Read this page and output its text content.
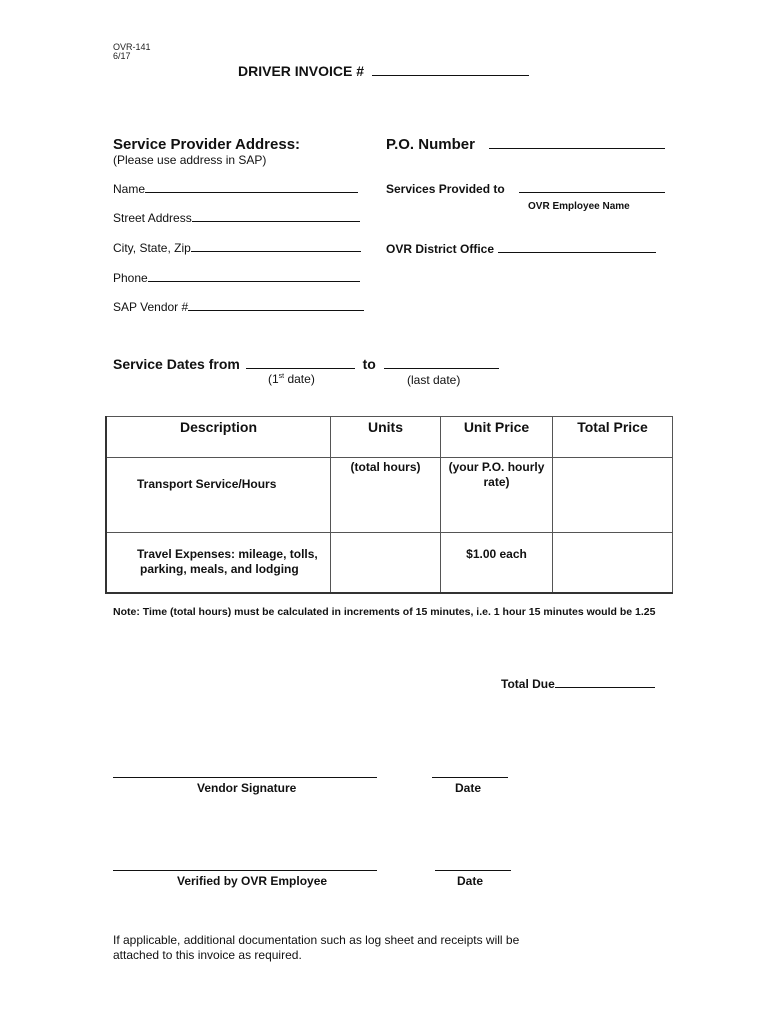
OVR-141
6/17
DRIVER INVOICE #
Service Provider Address:
(Please use address in SAP)
Name
Street Address
City, State, Zip
Phone
SAP Vendor #
P.O. Number
Services Provided to
OVR Employee Name
OVR District Office
Service Dates from	to
(1st date)	(last date)
Description	Units	Unit Price	Total Price

Transport Service/Hours	(total hours)	(your P.O. hourly
rate)	

Travel Expenses: mileage, tolls,
parking, meals, and lodging		$1.00 each	

Note: Time (total hours) must be calculated in increments of 15 minutes, i.e. 1 hour 15 minutes would be 1.25
Total Due
Vendor Signature	Date
Verified by OVR Employee	Date
If applicable, additional documentation such as log sheet and receipts will be
attached to this invoice as required.
